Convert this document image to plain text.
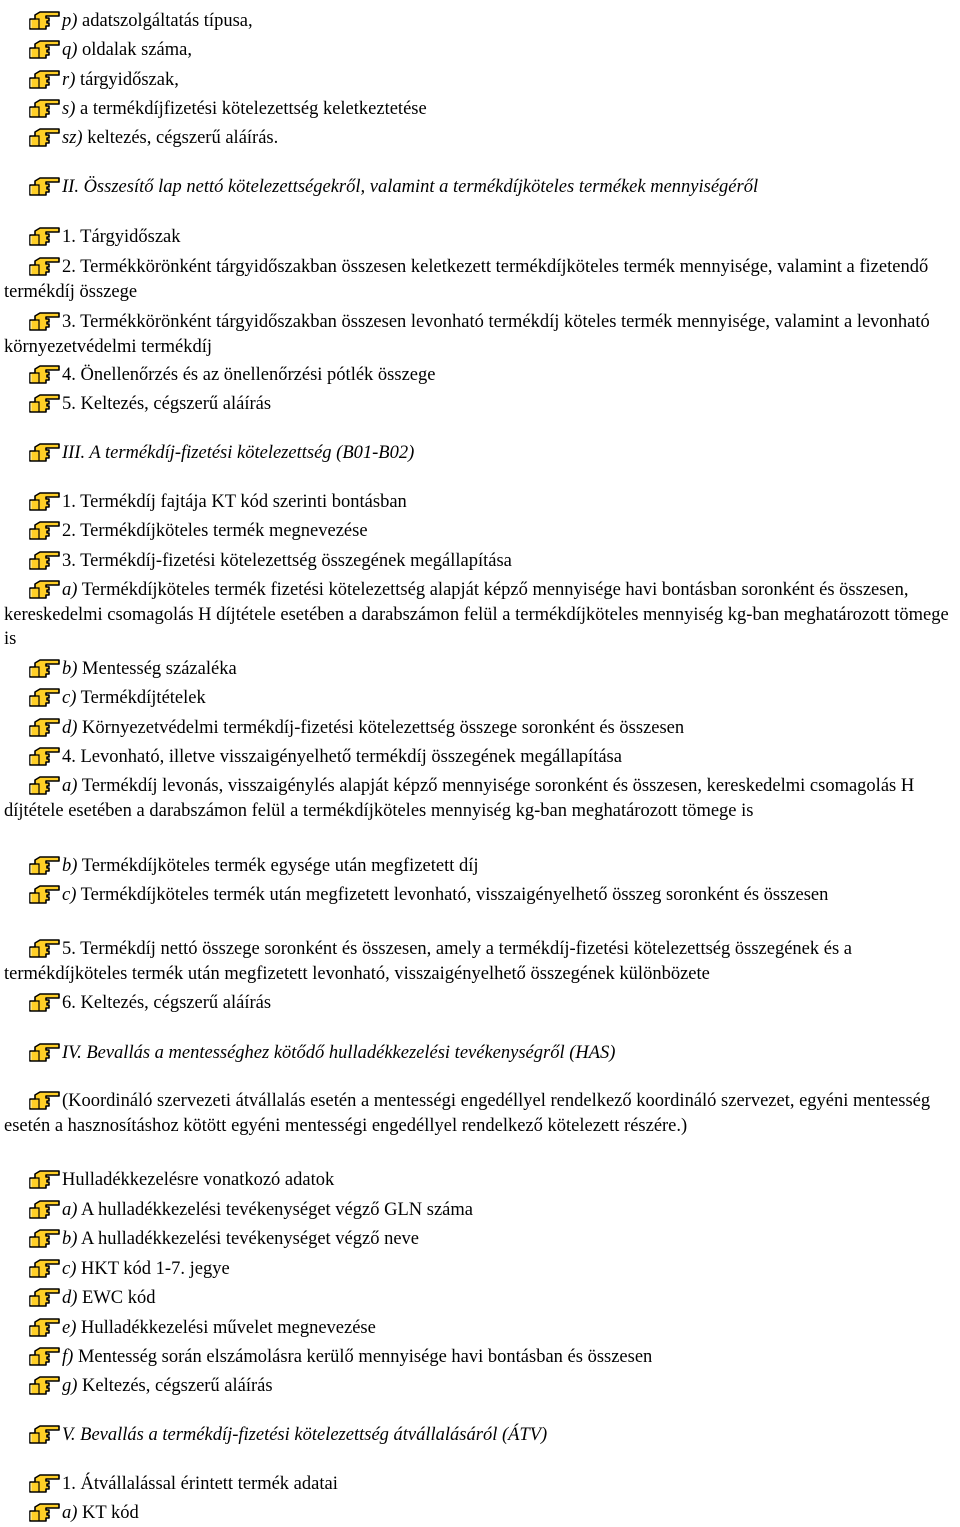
p) adatszolgáltatás típusa,
q) oldalak száma,
r) tárgyidőszak,
s) a termékdíjfizetési kötelezettség keletkeztetése
sz) keltezés, cégszerű aláírás.
II. Összesítő lap nettó kötelezettségekről, valamint a termékdíjköteles termékek mennyiségéről
1. Tárgyidőszak
2. Termékkörönként tárgyidőszakban összesen keletkezett termékdíjköteles termék mennyisége, valamint a fizetendő termékdíj összege
3. Termékkörönként tárgyidőszakban összesen levonható termékdíj köteles termék mennyisége, valamint a levonható környezetvédelmi termékdíj
4. Önellenőrzés és az önellenőrzési pótlék összege
5. Keltezés, cégszerű aláírás
III. A termékdíj-fizetési kötelezettség (B01-B02)
1. Termékdíj fajtája KT kód szerinti bontásban
2. Termékdíjköteles termék megnevezése
3. Termékdíj-fizetési kötelezettség összegének megállapítása
a) Termékdíjköteles termék fizetési kötelezettség alapját képző mennyisége havi bontásban soronként és összesen, kereskedelmi csomagolás H díjtétele esetében a darabszámon felül a termékdíjköteles mennyiség kg-ban meghatározott tömege is
b) Mentesség százaléka
c) Termékdíjtételek
d) Környezetvédelmi termékdíj-fizetési kötelezettség összege soronként és összesen
4. Levonható, illetve visszaigényelhető termékdíj összegének megállapítása
a) Termékdíj levonás, visszaigénylés alapját képző mennyisége soronként és összesen, kereskedelmi csomagolás H díjtétele esetében a darabszámon felül a termékdíjköteles mennyiség kg-ban meghatározott tömege is
b) Termékdíjköteles termék egysége után megfizetett díj
c) Termékdíjköteles termék után megfizetett levonható, visszaigényelhető összeg soronként és összesen
5. Termékdíj nettó összege soronként és összesen, amely a termékdíj-fizetési kötelezettség összegének és a termékdíjköteles termék után megfizetett levonható, visszaigényelhető összegének különbözete
6. Keltezés, cégszerű aláírás
IV. Bevallás a mentességhez kötődő hulladékkezelési tevékenységről (HAS)
(Koordináló szervezeti átvállalás esetén a mentességi engedéllyel rendelkező koordináló szervezet, egyéni mentesség esetén a hasznosításhoz kötött egyéni mentességi engedéllyel rendelkező kötelezett részére.)
Hulladékkezelésre vonatkozó adatok
a) A hulladékkezelési tevékenységet végző GLN száma
b) A hulladékkezelési tevékenységet végző neve
c) HKT kód 1-7. jegye
d) EWC kód
e) Hulladékkezelési művelet megnevezése
f) Mentesség során elszámolásra kerülő mennyisége havi bontásban és összesen
g) Keltezés, cégszerű aláírás
V. Bevallás a termékdíj-fizetési kötelezettség átvállalásáról (ÁTV)
1. Átvállalással érintett termék adatai
a) KT kód
